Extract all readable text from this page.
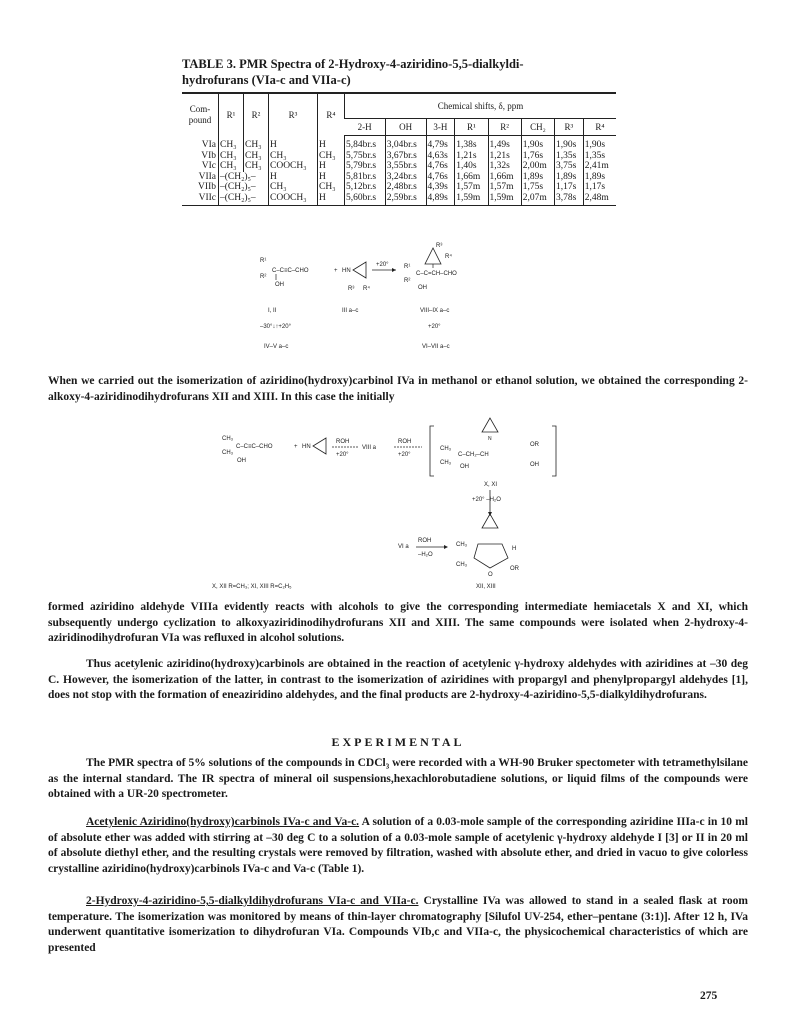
TABLE 3. PMR Spectra of 2-Hydroxy-4-aziridino-5,5-dialkyldi-
hydrofurans (VIa-c and VIIa-c)
Com-pound	R¹	R²	R³	R⁴	Chemical shifts, δ, ppm							
					2-H	OH	3-H	R¹	R²	CH₂	R³	R⁴
VIa	CH₃	CH₃	H	H	5,84br.s	3,04br.s	4,79s	1,38s	1,49s	1,90s	1,90s	1,90s
VIb	CH₃	CH₃	CH₃	CH₃	5,75br.s	3,67br.s	4,63s	1,21s	1,21s	1,76s	1,35s	1,35s
VIc	CH₃	CH₃	COOCH₃	H	5,79br.s	3,55br.s	4,76s	1,40s	1,32s	2,00m	3,75s	2,41m
VIIa	–(CH₂)₅–		H	H	5,81br.s	3,24br.s	4,76s	1,66m	1,66m	1,89s	1,89s	1,89s
VIIb	–(CH₂)₅–		CH₃	CH₃	5,12br.s	2,48br.s	4,39s	1,57m	1,57m	1,75s	1,17s	1,17s
VIIc	–(CH₂)₅–		COOCH₃	H	5,60br.s	2,59br.s	4,89s	1,59m	1,59m	2,07m	3,78s	2,48m
R¹
R²
C–C≡C–CHO
OH
+ HN
R³ R⁴
+20°
R³
R⁴
R¹
R²
C–C=CH–CHO
OH
I, II	III a–c	VIII–IX a–c
–30°↓↑+20°	+20°
IV–V a–c	VI–VII a–c

When we carried out the isomerization of aziridino(hydroxy)carbinol IVa in methanol or ethanol solution, we obtained the corresponding 2-alkoxy-4-aziridinodihydrofurans XII and XIII. In this case the initially

CH₃
CH₃
C–C≡C–CHO
OH
+ HN
ROH
+20°
VIII a
ROH
+20°
N
CH₃
CH₃
C–CH₂–CH
OR
OH
OH
X, XI
+20° –H₂O
VI a
ROH
–H₂O
CH₃
CH₃
H
O
OR
X, XII R=CH₃; XI, XIII R=C₂H₅	XII, XIII

formed aziridino aldehyde VIIIa evidently reacts with alcohols to give the corresponding intermediate hemiacetals X and XI, which subsequently undergo cyclization to alkoxyaziridinodihydrofurans XII and XIII. The same compounds were isolated when 2-hydroxy-4-aziridinodihydrofuran VIa was refluxed in alcohol solutions.

Thus acetylenic aziridino(hydroxy)carbinols are obtained in the reaction of acetylenic γ-hydroxy aldehydes with aziridines at –30 deg C. However, the isomerization of the latter, in contrast to the isomerization of aziridines with propargyl and phenylpropargyl aldehydes [1], does not stop with the formation of eneaziridino aldehydes, and the final products are 2-hydroxy-4-aziridino-5,5-dialkyldihydrofurans.

EXPERIMENTAL

The PMR spectra of 5% solutions of the compounds in CDCl₃ were recorded with a WH-90 Bruker spectometer with tetramethylsilane as the internal standard. The IR spectra of mineral oil suspensions,hexachlorobutadiene solutions, or liquid films of the compounds were obtained with a UR-20 spectrometer.

Acetylenic Aziridino(hydroxy)carbinols IVa-c and Va-c. A solution of a 0.03-mole sample of the corresponding aziridine IIIa-c in 10 ml of absolute ether was added with stirring at –30 deg C to a solution of a 0.03-mole sample of acetylenic γ-hydroxy aldehyde I [3] or II in 20 ml of absolute diethyl ether, and the resulting crystals were removed by filtration, washed with absolute ether, and dried in vacuo to give colorless crystalline aziridino(hydroxy)carbinols IVa-c and Va-c (Table 1).

2-Hydroxy-4-aziridino-5,5-dialkyldihydrofurans VIa-c and VIIa-c. Crystalline IVa was allowed to stand in a sealed flask at room temperature. The isomerization was monitored by means of thin-layer chromatography [Silufol UV-254, ether–pentane (3:1)]. After 12 h, IVa underwent quantitative isomerization to dihydrofuran VIa. Compounds VIb,c and VIIa-c, the physicochemical characteristics of which are presented

275
